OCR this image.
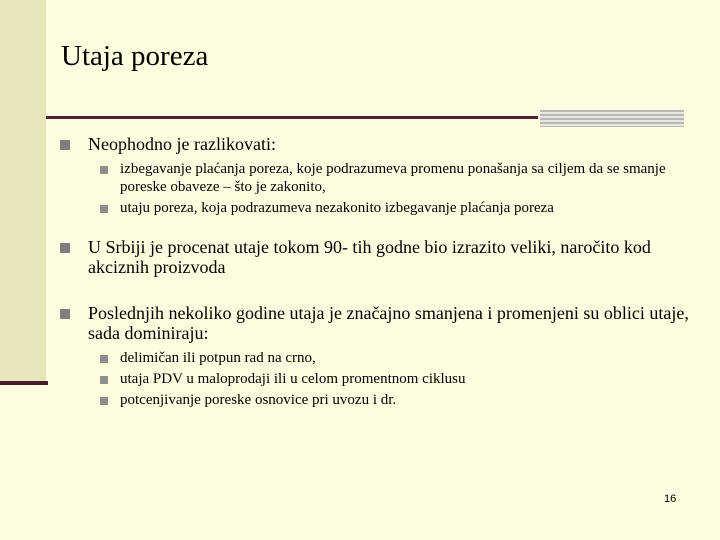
Utaja poreza
Neophodno je razlikovati:
izbegavanje plaćanja poreza, koje podrazumeva promenu ponašanja sa ciljem da se smanje poreske obaveze – što je zakonito,
utaju poreza, koja podrazumeva nezakonito izbegavanje plaćanja poreza
U Srbiji je procenat utaje tokom 90- tih godne bio izrazito veliki, naročito kod akciznih proizvoda
Poslednjih nekoliko godine utaja je značajno smanjena i promenjeni su oblici utaje, sada dominiraju:
delimičan ili potpun rad na crno,
utaja PDV u maloprodaji ili u celom promentnom ciklusu
potcenjivanje poreske osnovice pri uvozu i dr.
16
